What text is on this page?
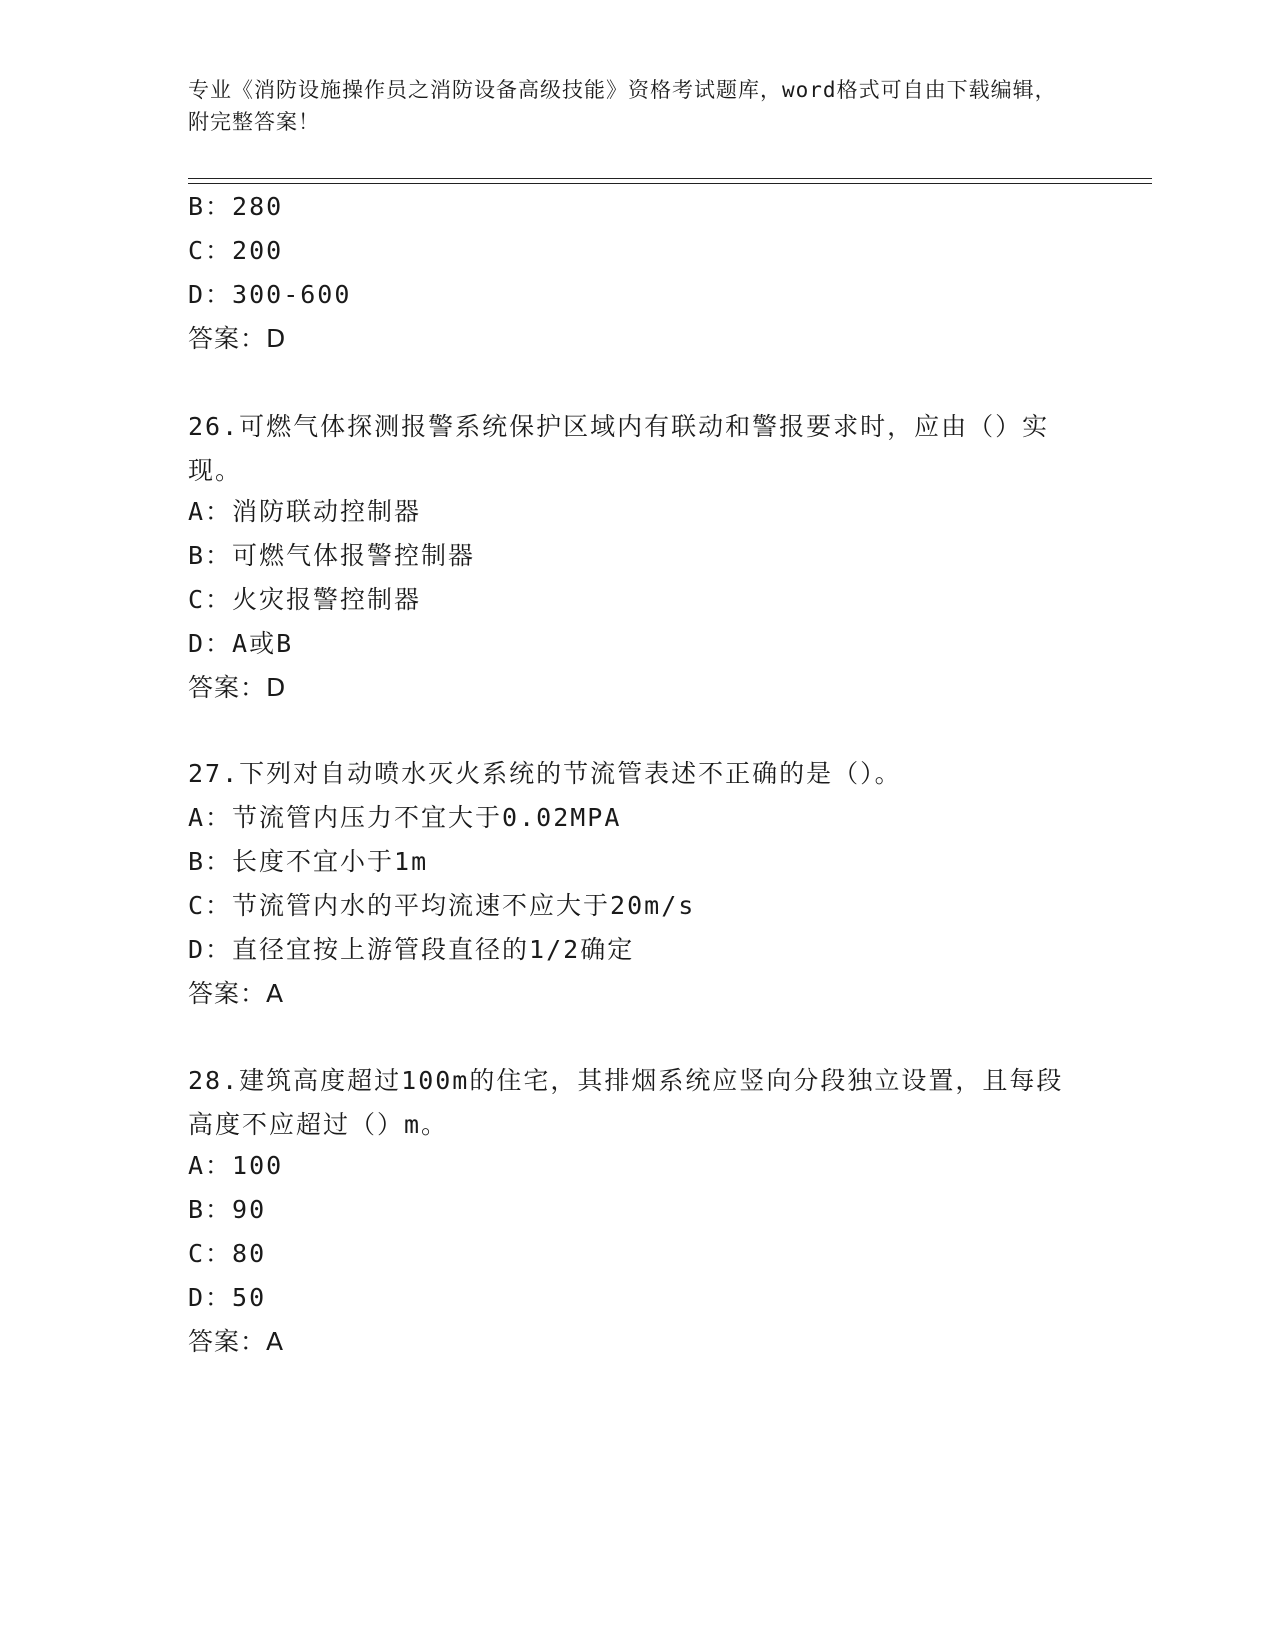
专业《消防设施操作员之消防设备高级技能》资格考试题库，word格式可自由下载编辑，附完整答案！
B：280
C：200
D：300-600
答案：D
26.可燃气体探测报警系统保护区域内有联动和警报要求时，应由（）实现。
A：消防联动控制器
B：可燃气体报警控制器
C：火灾报警控制器
D：A或B
答案：D
27.下列对自动喷水灭火系统的节流管表述不正确的是（）。
A：节流管内压力不宜大于0.02MPA
B：长度不宜小于1m
C：节流管内水的平均流速不应大于20m/s
D：直径宜按上游管段直径的1/2确定
答案：A
28.建筑高度超过100m的住宅，其排烟系统应竖向分段独立设置，且每段高度不应超过（）m。
A：100
B：90
C：80
D：50
答案：A
